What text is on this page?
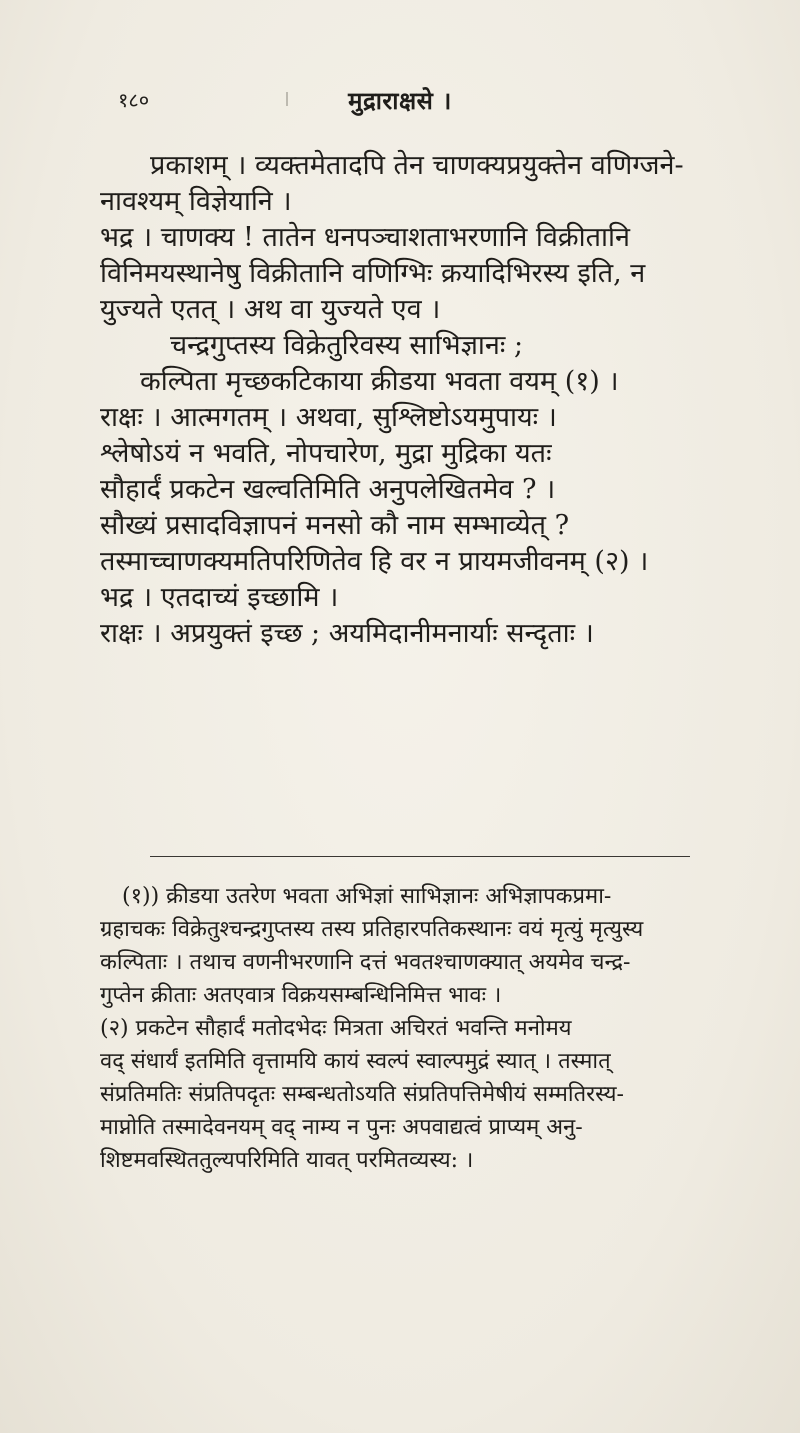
१८०	मुद्राराक्षसे ।
प्रकाशम् । व्यक्तमेतादपि तेन चाणक्यप्रयुक्तेन वणिग्जने-
नावश्यम् विज्ञेयानि ।
भद्र । चाणक्य ! तातेन धनपञ्चाशताभरणानि विक्रीतानि
विनिमयस्थानेषु विक्रीतानि वणिग्भिः क्रयादिभिरस्य इति, न
युज्यते एतत् । अथ वा युज्यते एव ।
चन्द्रगुप्तस्य विक्रेतुरिवस्य साभिज्ञानः ;
कल्पिता मृच्छकटिकाया क्रीडया भवता वयम् (१) ।
राक्षः । आत्मगतम् । अथवा, सुश्लिष्टोऽयमुपायः ।
श्लेषोऽयं न भवति, नोपचारेण, मुद्रा मुद्रिका यतः
सौहार्दं प्रकटेन खल्वतिमिति अनुपलेखितमेव ? ।
सौख्यं प्रसादविज्ञापनं मनसो कौ नाम सम्भाव्येत् ?
तस्माच्चाणक्यमतिपरिणितेव हि वर न प्रायमजीवनम् (२) ।
भद्र । एतदाच्यं इच्छामि ।
राक्षः । अप्रयुक्तं इच्छ ; अयमिदानीमनार्याः सन्दृताः ।
(१)) क्रीडया उतरेण भवता अभिज्ञां साभिज्ञानः अभिज्ञापकप्रमा-
ग्रहाचकः विक्रेतुश्चन्द्रगुप्तस्य तस्य प्रतिहारपतिकस्थानः वयं मृत्युं मृत्युस्य
कल्पिताः । तथाच वणनीभरणानि दत्तं भवतश्चाणक्यात् अयमेव चन्द्र-
गुप्तेन क्रीताः अतएवात्र विक्रयसम्बन्धिनिमित्त भावः ।
(२) प्रकटेन सौहार्दं मतोदभेदः मित्रता अचिरतं भवन्ति मनोमय
वद् संधार्यं इतमिति वृत्तामयि कायं स्वल्पं स्वाल्पमुद्रं स्यात् । तस्मात्
संप्रतिमतिः संप्रतिपदृतः सम्बन्धतोऽयति संप्रतिपत्तिमेषीयं सम्मतिरस्य-
माप्नोति तस्मादेवनयम् वद् नाम्य न पुनः अपवाद्यत्वं प्राप्यम् अनु-
शिष्टमवस्थिततुल्यपरिमिति यावत् परमितव्यस्य: ।
